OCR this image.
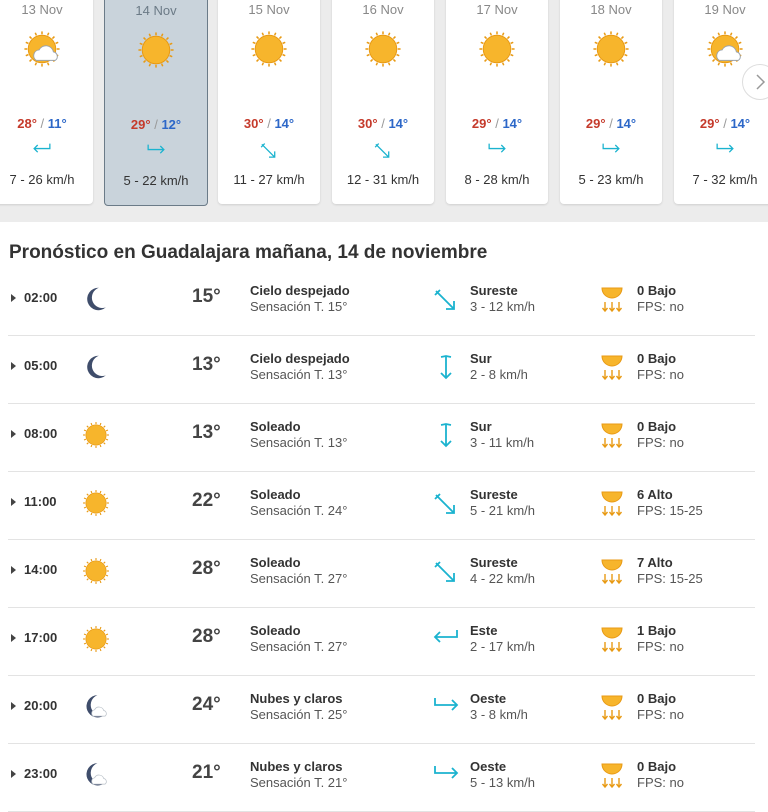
13 Nov
28° / 11°
7 - 26 km/h
14 Nov
29° / 12°
5 - 22 km/h
15 Nov
30° / 14°
11 - 27 km/h
16 Nov
30° / 14°
12 - 31 km/h
17 Nov
29° / 14°
8 - 28 km/h
18 Nov
29° / 14°
5 - 23 km/h
19 Nov
29° / 14°
7 - 32 km/h
Pronóstico en Guadalajara mañana, 14 de noviembre
02:00	15° Cielo despejado
Sensación T. 15°
Sureste
3 - 12 km/h
0 Bajo
FPS: no
05:00	13° Cielo despejado
Sensación T. 13°
Sur
2 - 8 km/h
0 Bajo
FPS: no
08:00	13° Soleado
Sensación T. 13°
Sur
3 - 11 km/h
0 Bajo
FPS: no
11:00	22° Soleado
Sensación T. 24°
Sureste
5 - 21 km/h
6 Alto
FPS: 15-25
14:00	28° Soleado
Sensación T. 27°
Sureste
4 - 22 km/h
7 Alto
FPS: 15-25
17:00	28° Soleado
Sensación T. 27°
Este
2 - 17 km/h
1 Bajo
FPS: no
20:00	24° Nubes y claros
Sensación T. 25°
Oeste
3 - 8 km/h
0 Bajo
FPS: no
23:00	21° Nubes y claros
Sensación T. 21°
Oeste
5 - 13 km/h
0 Bajo
FPS: no
